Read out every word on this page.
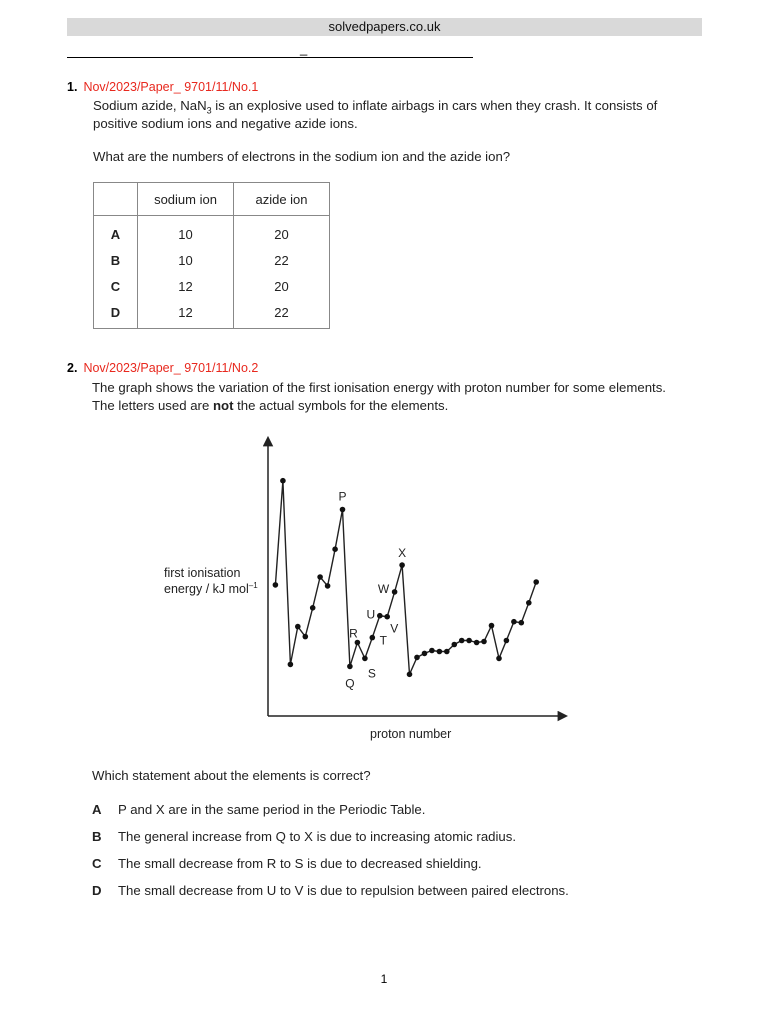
solvedpapers.co.uk
_
1. Nov/2023/Paper_ 9701/11/No.1
Sodium azide, NaN$_3$ is an explosive used to inflate airbags in cars when they crash. It consists of
positive sodium ions and negative azide ions.
What are the numbers of electrons in the sodium ion and the azide ion?
	sodium ion	azide ion
A	10	20
B	10	22
C	12	20
D	12	22
2. Nov/2023/Paper_ 9701/11/No.2
The graph shows the variation of the first ionisation energy with proton number for some elements.
The letters used are not the actual symbols for the elements.
first ionisation
energy / kJ mol$^{-1}$
proton number
P
Q
R
S
T
U
V
W
X
Which statement about the elements is correct?
A P and X are in the same period in the Periodic Table.
B The general increase from Q to X is due to increasing atomic radius.
C The small decrease from R to S is due to decreased shielding.
D The small decrease from U to V is due to repulsion between paired electrons.
1
